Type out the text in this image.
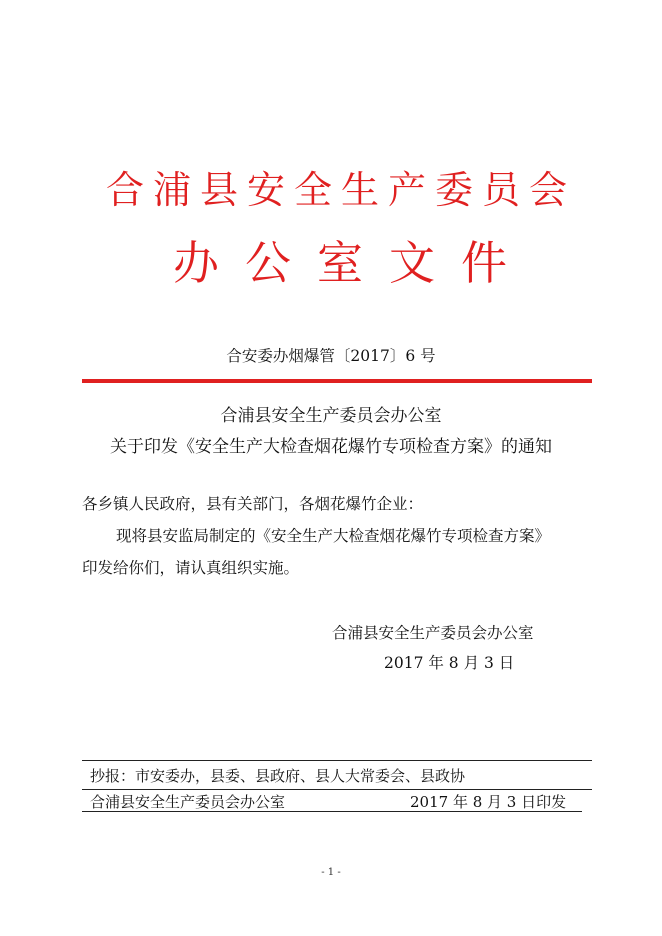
合浦县安全生产委员会
办公室文件
合安委办烟爆管〔2017〕6 号
合浦县安全生产委员会办公室
关于印发《安全生产大检查烟花爆竹专项检查方案》的通知
各乡镇人民政府，县有关部门，各烟花爆竹企业：
现将县安监局制定的《安全生产大检查烟花爆竹专项检查方案》
印发给你们，请认真组织实施。
合浦县安全生产委员会办公室
2017 年 8 月 3 日
抄报：市安委办，县委、县政府、县人大常委会、县政协
合浦县安全生产委员会办公室	2017 年 8 月 3 日印发
- 1 -
